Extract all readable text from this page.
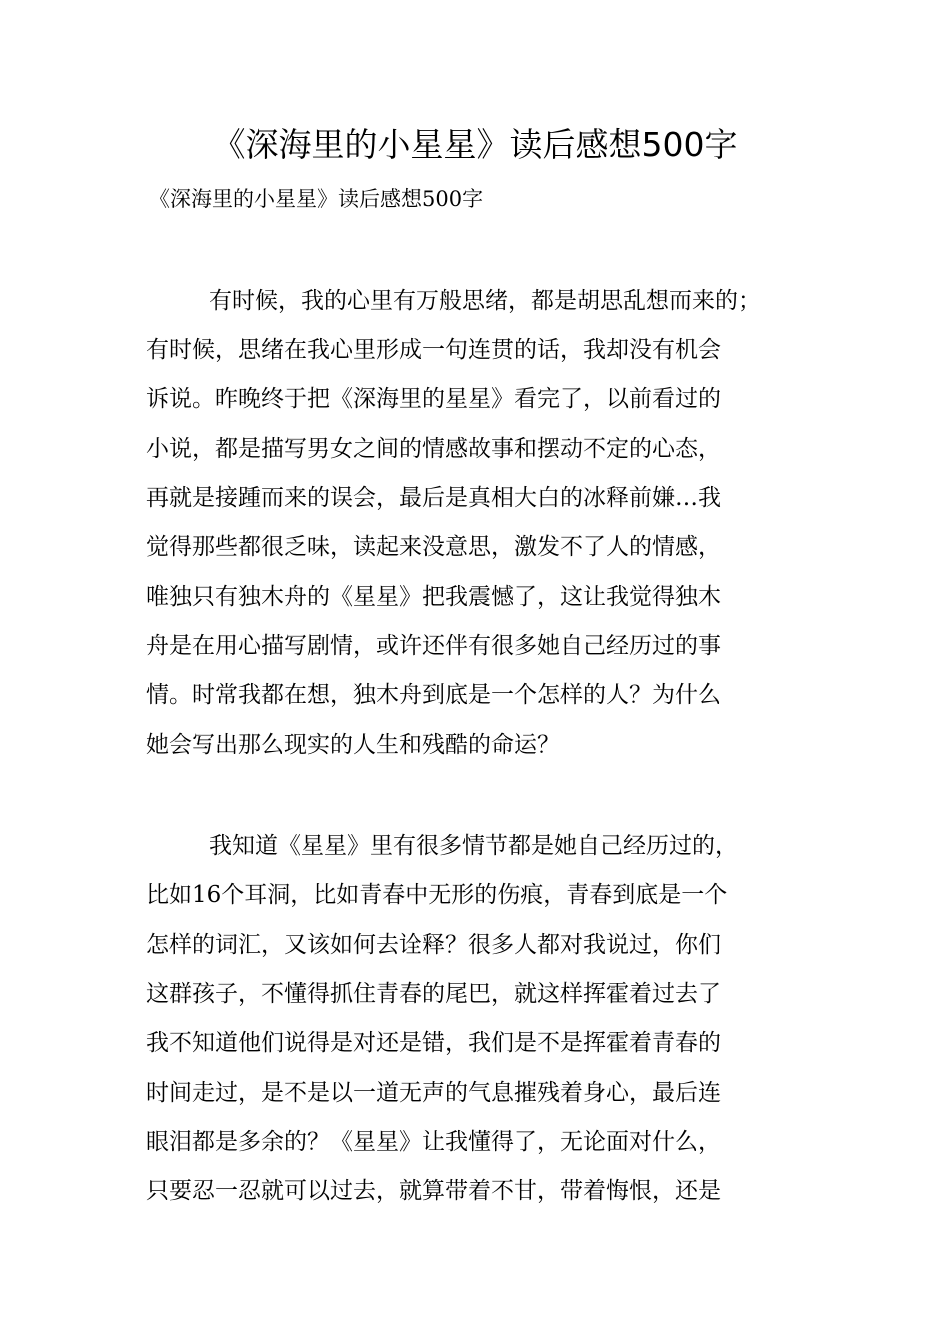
《深海里的小星星》读后感想500字
《深海里的小星星》读后感想500字
有时候，我的心里有万般思绪，都是胡思乱想而来的；
有时候，思绪在我心里形成一句连贯的话，我却没有机会
诉说。昨晚终于把《深海里的星星》看完了，以前看过的
小说，都是描写男女之间的情感故事和摆动不定的心态，
再就是接踵而来的误会，最后是真相大白的冰释前嫌…我
觉得那些都很乏味，读起来没意思，激发不了人的情感，
唯独只有独木舟的《星星》把我震憾了，这让我觉得独木
舟是在用心描写剧情，或许还伴有很多她自己经历过的事
情。时常我都在想，独木舟到底是一个怎样的人？为什么
她会写出那么现实的人生和残酷的命运？
我知道《星星》里有很多情节都是她自己经历过的，
比如16个耳洞，比如青春中无形的伤痕，青春到底是一个
怎样的词汇，又该如何去诠释？很多人都对我说过，你们
这群孩子，不懂得抓住青春的尾巴，就这样挥霍着过去了
我不知道他们说得是对还是错，我们是不是挥霍着青春的
时间走过，是不是以一道无声的气息摧残着身心，最后连
眼泪都是多余的？《星星》让我懂得了，无论面对什么，
只要忍一忍就可以过去，就算带着不甘，带着悔恨，还是
